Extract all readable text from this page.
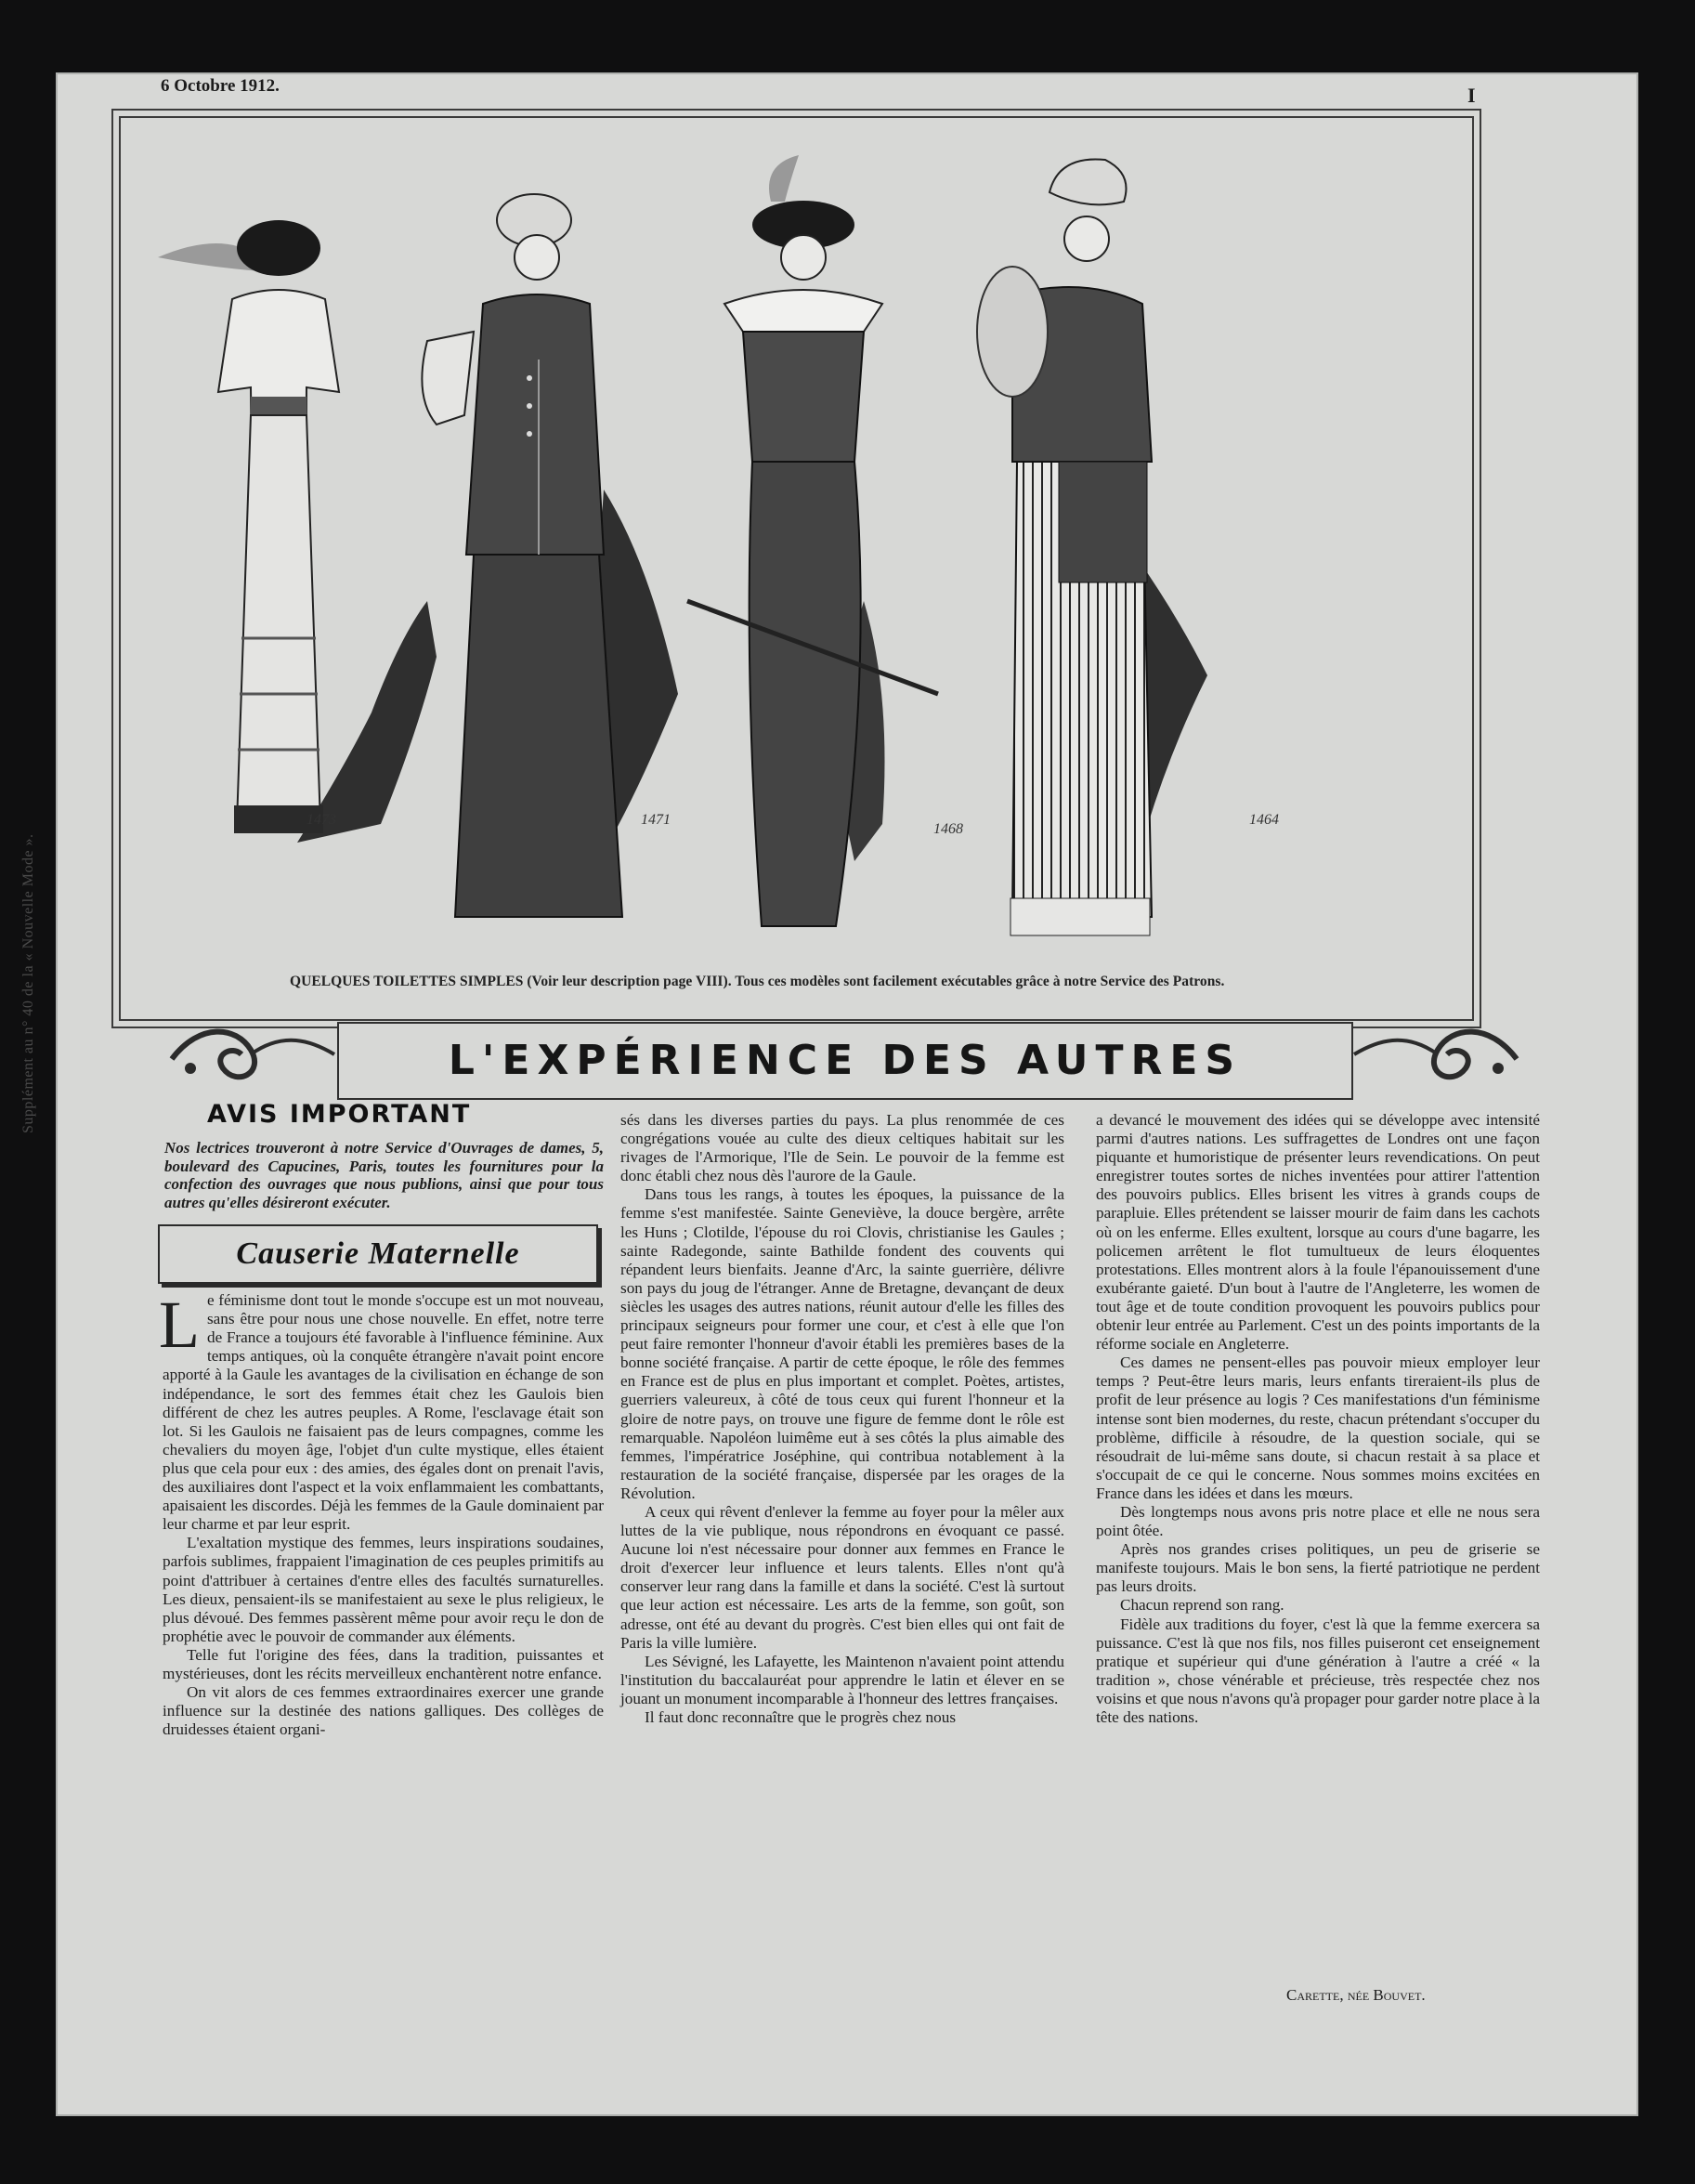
Supplément au n° 40 de la « Nouvelle Mode ».
6 Octobre 1912.	I
1473	1471
1468
1464
QUELQUES TOILETTES SIMPLES (Voir leur description page VIII). Tous ces modèles sont facilement exécutables grâce à notre Service des Patrons.
L'EXPÉRIENCE DES AUTRES
AVIS IMPORTANT
Nos lectrices trouveront à notre Service d'Ouvrages de dames, 5, boulevard des Capucines, Paris, toutes les fournitures pour la confection des ouvrages que nous publions, ainsi que pour tous autres qu'elles désireront exécuter.
Causerie Maternelle

Le féminisme dont tout le monde s'occupe est un mot nouveau, sans être pour nous une chose nouvelle. En effet, notre terre de France a toujours été favorable à l'influence féminine. Aux temps antiques, où la conquête étrangère n'avait point encore apporté à la Gaule les avantages de la civilisation en échange de son indépendance, le sort des femmes était chez les Gaulois bien différent de chez les autres peuples. A Rome, l'esclavage était son lot. Si les Gaulois ne faisaient pas de leurs compagnes, comme les chevaliers du moyen âge, l'objet d'un culte mystique, elles étaient plus que cela pour eux : des amies, des égales dont on prenait l'avis, des auxiliaires dont l'aspect et la voix enflammaient les combattants, apaisaient les discordes. Déjà les femmes de la Gaule dominaient par leur charme et par leur esprit.

L'exaltation mystique des femmes, leurs inspirations soudaines, parfois sublimes, frappaient l'imagination de ces peuples primitifs au point d'attribuer à certaines d'entre elles des facultés surnaturelles. Les dieux, pensaient-ils se manifestaient au sexe le plus religieux, le plus dévoué. Des femmes passèrent même pour avoir reçu le don de prophétie avec le pouvoir de commander aux éléments.

Telle fut l'origine des fées, dans la tradition, puissantes et mystérieuses, dont les récits merveilleux enchantèrent notre enfance.

On vit alors de ces femmes extraordinaires exercer une grande influence sur la destinée des nations galliques. Des collèges de druidesses étaient organi-

sés dans les diverses parties du pays. La plus renommée de ces congrégations vouée au culte des dieux celtiques habitait sur les rivages de l'Armorique, l'Ile de Sein. Le pouvoir de la femme est donc établi chez nous dès l'aurore de la Gaule.

Dans tous les rangs, à toutes les époques, la puissance de la femme s'est manifestée. Sainte Geneviève, la douce bergère, arrête les Huns ; Clotilde, l'épouse du roi Clovis, christianise les Gaules ; sainte Radegonde, sainte Bathilde fondent des couvents qui répandent leurs bienfaits. Jeanne d'Arc, la sainte guerrière, délivre son pays du joug de l'étranger. Anne de Bretagne, devançant de deux siècles les usages des autres nations, réunit autour d'elle les filles des principaux seigneurs pour former une cour, et c'est à elle que l'on peut faire remonter l'honneur d'avoir établi les premières bases de la bonne société française. A partir de cette époque, le rôle des femmes en France est de plus en plus important et complet. Poètes, artistes, guerriers valeureux, à côté de tous ceux qui furent l'honneur et la gloire de notre pays, on trouve une figure de femme dont le rôle est remarquable. Napoléon luimême eut à ses côtés la plus aimable des femmes, l'impératrice Joséphine, qui contribua notablement à la restauration de la société française, dispersée par les orages de la Révolution.

A ceux qui rêvent d'enlever la femme au foyer pour la mêler aux luttes de la vie publique, nous répondrons en évoquant ce passé. Aucune loi n'est nécessaire pour donner aux femmes en France le droit d'exercer leur influence et leurs talents. Elles n'ont qu'à conserver leur rang dans la famille et dans la société. C'est là surtout que leur action est nécessaire. Les arts de la femme, son goût, son adresse, ont été au devant du progrès. C'est bien elles qui ont fait de Paris la ville lumière.

Les Sévigné, les Lafayette, les Maintenon n'avaient point attendu l'institution du baccalauréat pour apprendre le latin et élever en se jouant un monument incomparable à l'honneur des lettres françaises.

Il faut donc reconnaître que le progrès chez nous

a devancé le mouvement des idées qui se développe avec intensité parmi d'autres nations. Les suffragettes de Londres ont une façon piquante et humoristique de présenter leurs revendications. On peut enregistrer toutes sortes de niches inventées pour attirer l'attention des pouvoirs publics. Elles brisent les vitres à grands coups de parapluie. Elles prétendent se laisser mourir de faim dans les cachots où on les enferme. Elles exultent, lorsque au cours d'une bagarre, les policemen arrêtent le flot tumultueux de leurs éloquentes protestations. Elles montrent alors à la foule l'épanouissement d'une exubérante gaieté. D'un bout à l'autre de l'Angleterre, les women de tout âge et de toute condition provoquent les pouvoirs publics pour obtenir leur entrée au Parlement. C'est un des points importants de la réforme sociale en Angleterre.

Ces dames ne pensent-elles pas pouvoir mieux employer leur temps ? Peut-être leurs maris, leurs enfants tireraient-ils plus de profit de leur présence au logis ? Ces manifestations d'un féminisme intense sont bien modernes, du reste, chacun prétendant s'occuper du problème, difficile à résoudre, de la question sociale, qui se résoudrait de lui-même sans doute, si chacun restait à sa place et s'occupait de ce qui le concerne. Nous sommes moins excitées en France dans les idées et dans les mœurs.

Dès longtemps nous avons pris notre place et elle ne nous sera point ôtée.

Après nos grandes crises politiques, un peu de griserie se manifeste toujours. Mais le bon sens, la fierté patriotique ne perdent pas leurs droits.

Chacun reprend son rang.

Fidèle aux traditions du foyer, c'est là que la femme exercera sa puissance. C'est là que nos fils, nos filles puiseront cet enseignement pratique et supérieur qui d'une génération à l'autre a créé « la tradition », chose vénérable et précieuse, très respectée chez nos voisins et que nous n'avons qu'à propager pour garder notre place à la tête des nations.

Carette, née Bouvet.
